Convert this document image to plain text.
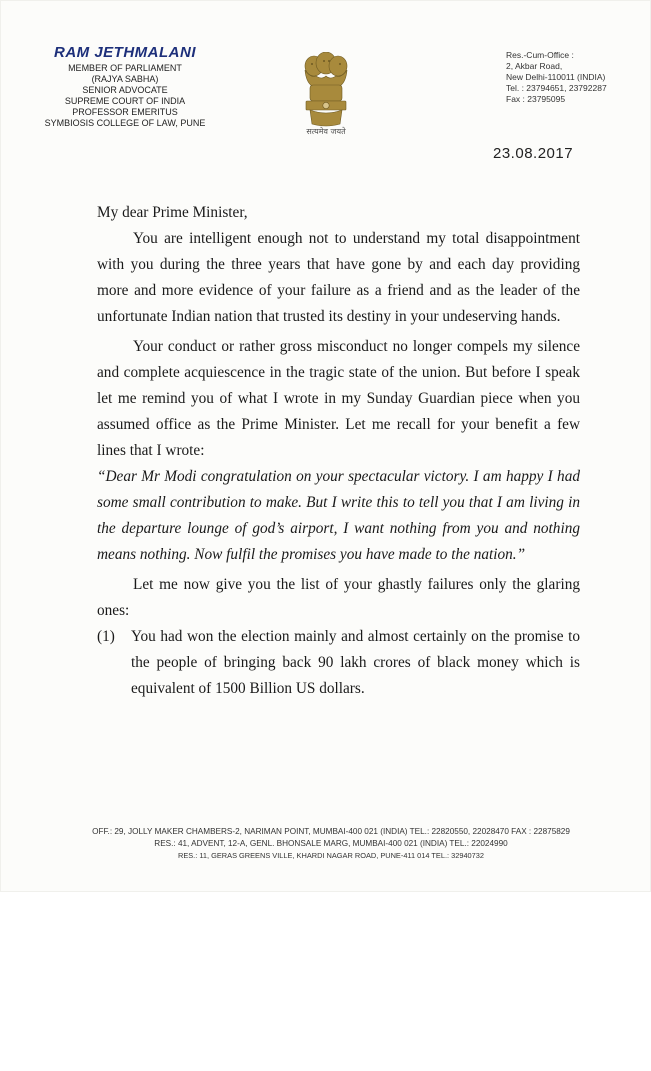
RAM JETHMALANI
MEMBER OF PARLIAMENT
(RAJYA SABHA)
SENIOR ADVOCATE
SUPREME COURT OF INDIA
PROFESSOR EMERITUS
SYMBIOSIS COLLEGE OF LAW, PUNE
सत्यमेव जयते
Res.-Cum-Office :
2, Akbar Road,
New Delhi-110011 (INDIA)
Tel. : 23794651, 23792287
Fax : 23795095
23.08.2017

My dear Prime Minister,

You are intelligent enough not to understand my total disappointment with you during the three years that have gone by and each day providing more and more evidence of your failure as a friend and as the leader of the unfortunate Indian nation that trusted its destiny in your undeserving hands.

Your conduct or rather gross misconduct no longer compels my silence and complete acquiescence in the tragic state of the union. But before I speak let me remind you of what I wrote in my Sunday Guardian piece when you assumed office as the Prime Minister. Let me recall for your benefit a few lines that I wrote:

“Dear Mr Modi congratulation on your spectacular victory. I am happy I had some small contribution to make. But I write this to tell you that I am living in the departure lounge of god’s airport, I want nothing from you and nothing means nothing. Now fulfil the promises you have made to the nation.”

Let me now give you the list of your ghastly failures only the glaring ones:

(1)	You had won the election mainly and almost certainly on the promise to the people of bringing back 90 lakh crores of black money which is equivalent of 1500 Billion US dollars.

OFF.: 29, JOLLY MAKER CHAMBERS-2, NARIMAN POINT, MUMBAI-400 021 (INDIA) TEL.: 22820550, 22028470 FAX : 22875829
RES.: 41, ADVENT, 12-A, GENL. BHONSALE MARG, MUMBAI-400 021 (INDIA) TEL.: 22024990
RES.: 11, GERAS GREENS VILLE, KHARDI NAGAR ROAD, PUNE-411 014 TEL.: 32940732
